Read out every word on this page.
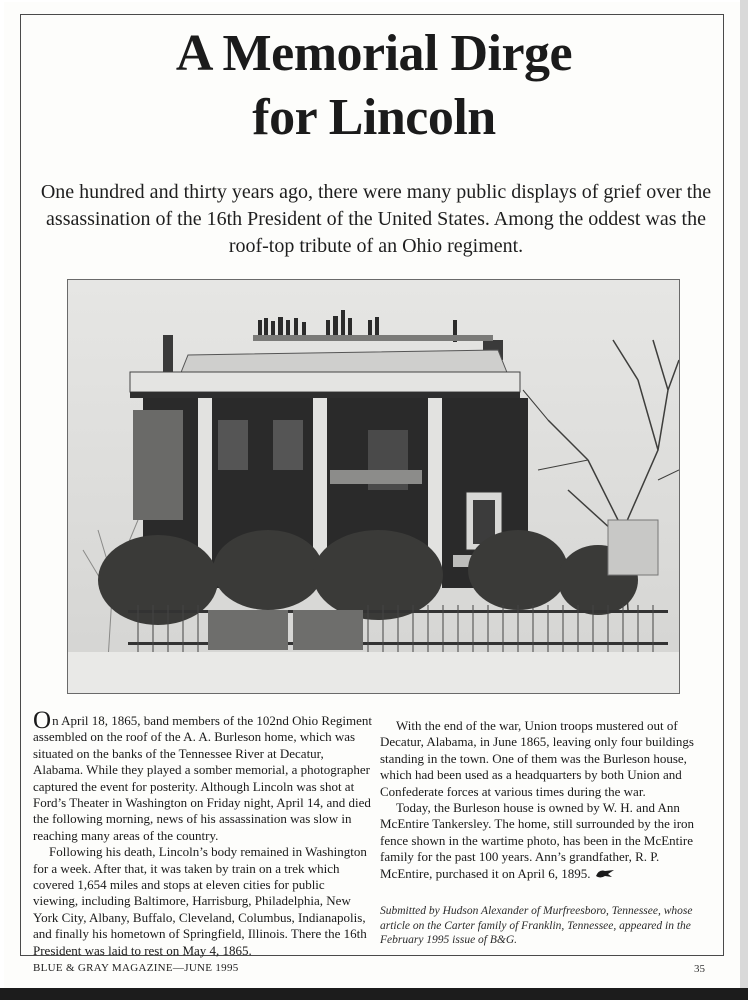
A Memorial Dirge
for Lincoln
One hundred and thirty years ago, there were many public displays of grief over the assassination of the 16th President of the United States. Among the oddest was the roof-top tribute of an Ohio regiment.

On April 18, 1865, band members of the 102nd Ohio Regiment assembled on the roof of the A. A. Burleson home, which was situated on the banks of the Tennessee River at Decatur, Alabama. While they played a somber memorial, a photographer captured the event for posterity. Although Lincoln was shot at Ford’s Theater in Washington on Friday night, April 14, and died the following morning, news of his assassination was slow in reaching many areas of the country.

Following his death, Lincoln’s body remained in Washington for a week. After that, it was taken by train on a trek which covered 1,654 miles and stops at eleven cities for public viewing, including Baltimore, Harrisburg, Philadelphia, New York City, Albany, Buffalo, Cleveland, Columbus, Indianapolis, and finally his hometown of Springfield, Illinois. There the 16th President was laid to rest on May 4, 1865.

With the end of the war, Union troops mustered out of Decatur, Alabama, in June 1865, leaving only four buildings standing in the town. One of them was the Burleson house, which had been used as a headquarters by both Union and Confederate forces at various times during the war.

Today, the Burleson house is owned by W. H. and Ann McEntire Tankersley. The home, still surrounded by the iron fence shown in the wartime photo, has been in the McEntire family for the past 100 years. Ann’s grandfather, R. P. McEntire, purchased it on April 6, 1895.

Submitted by Hudson Alexander of Murfreesboro, Tennessee, whose article on the Carter family of Franklin, Tennessee, appeared in the February 1995 issue of B&G.
BLUE & GRAY MAGAZINE—JUNE 1995	35
